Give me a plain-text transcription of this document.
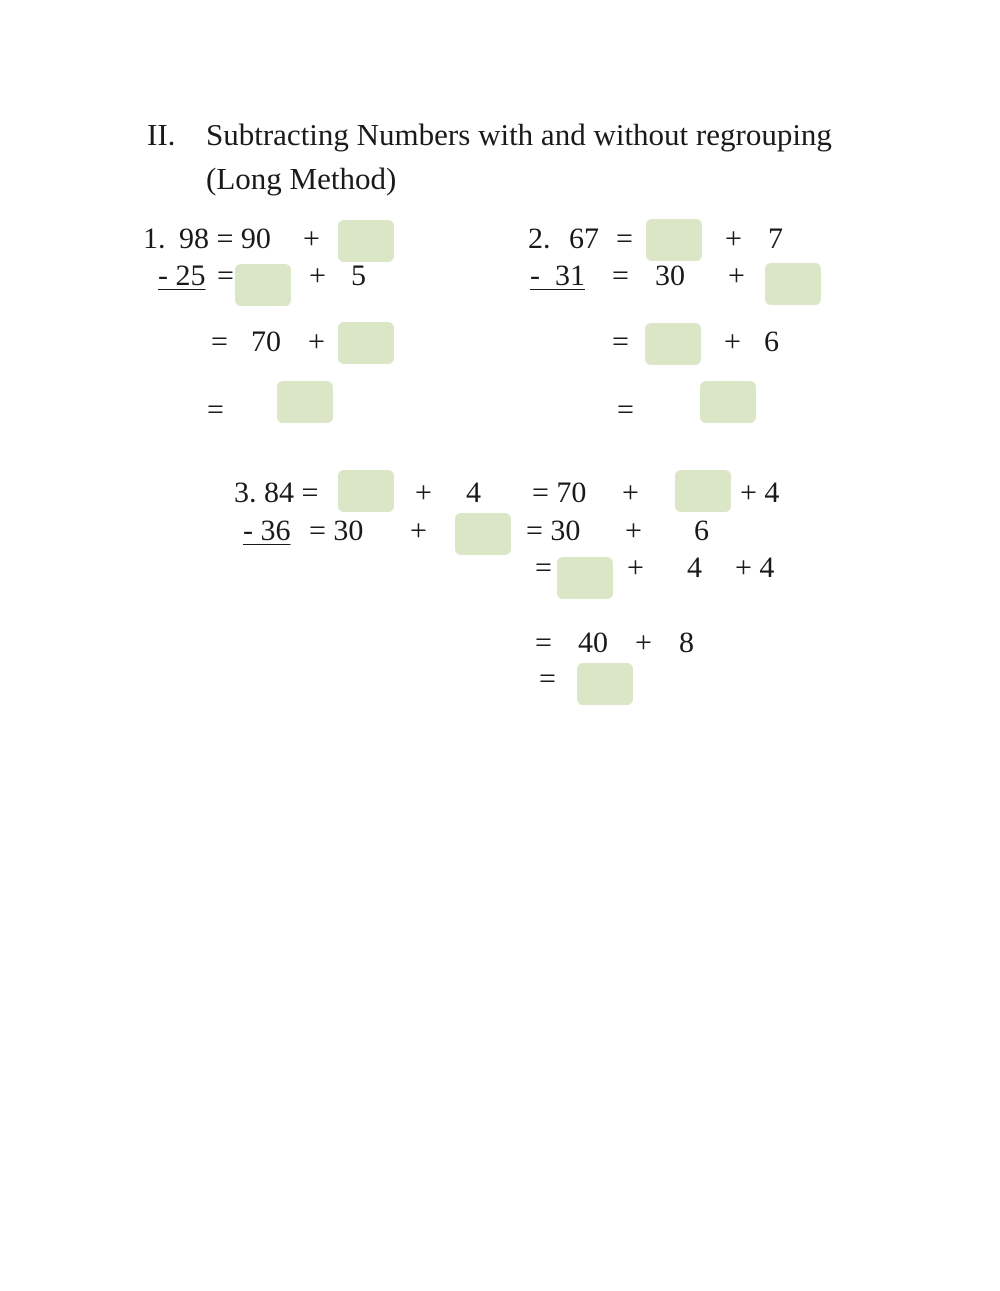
II. Subtracting Numbers with and without regrouping
(Long Method)
1. 98 = 90 +
- 25 =	+ 5
= 70 +
=
2. 67 =	+ 7
-  31 = 30 +
=	+ 6
=
3. 84 =	+ 4 = 70 +	+ 4
- 36 = 30 +	= 30 + 6
=	+ 4 + 4
= 40 + 8
=
